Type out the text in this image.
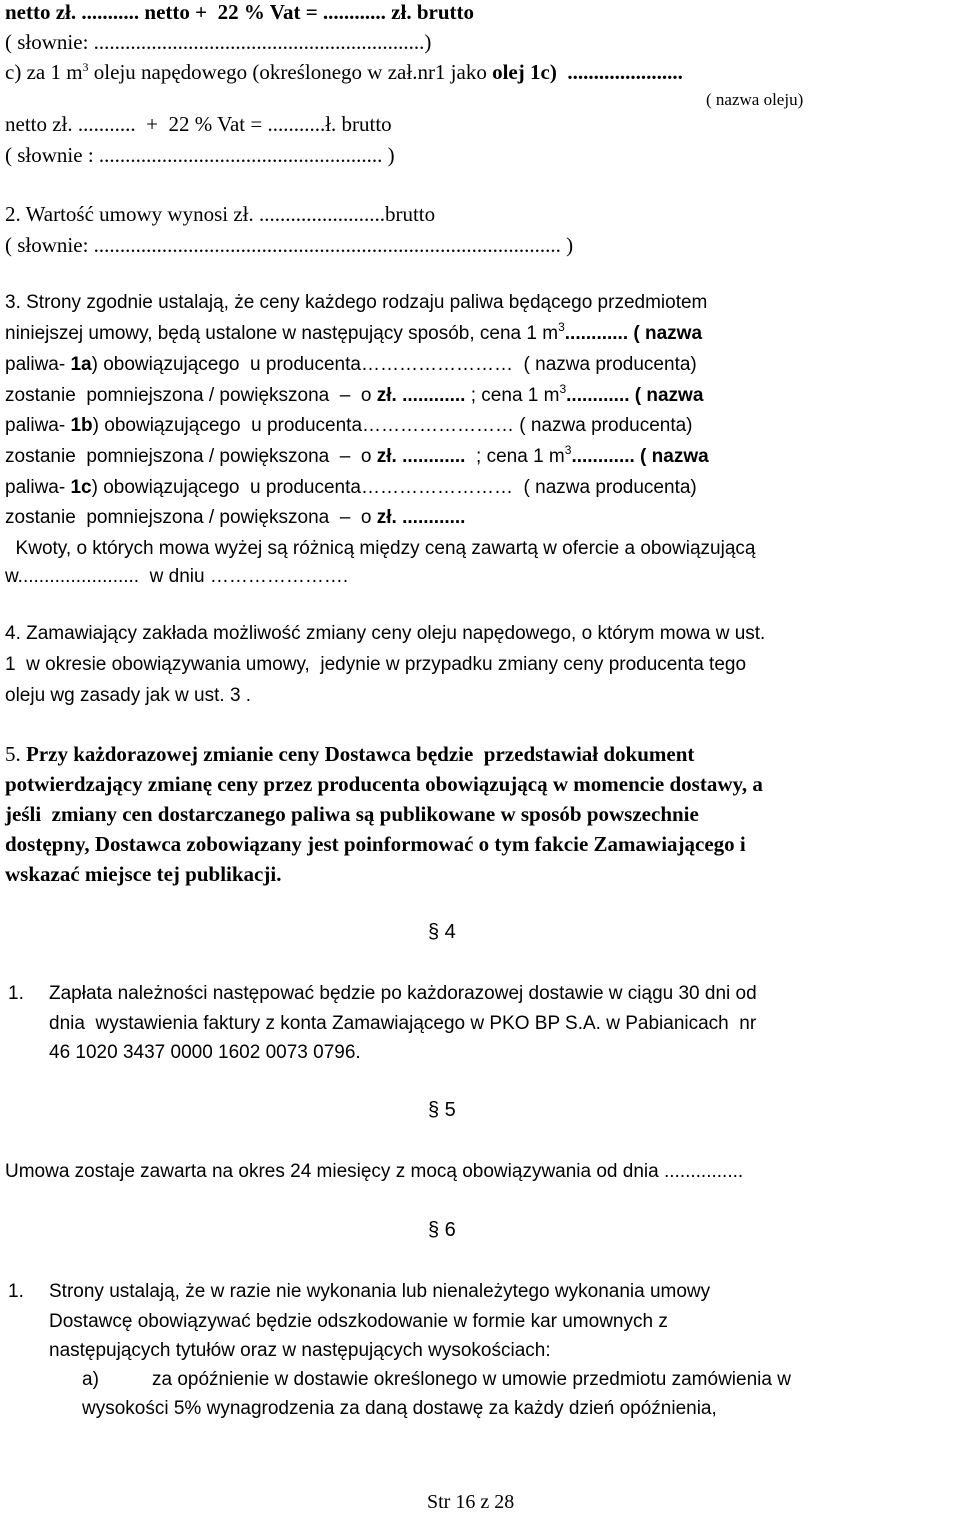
netto zł. ........... netto +  22 % Vat = ............ zł. brutto
( słownie: ...............................................................)
c) za 1 $m^3$ oleju napędowego (określonego w zał.nr1 jako olej 1c)  ......................
( nazwa oleju)
netto zł. ...........  +  22 % Vat = ...........ł. brutto
( słownie : ...................................................... )
2. Wartość umowy wynosi zł. ........................brutto
( słownie: ......................................................................................... )
3. Strony zgodnie ustalają, że ceny każdego rodzaju paliwa będącego przedmiotem
niniejszej umowy, będą ustalone w następujący sposób, cena 1 $m^3$............ ( nazwa
paliwa- 1a) obowiązującego  u producenta……………………  ( nazwa producenta)
zostanie  pomniejszona / powiększona  –  o zł. ............ ; cena 1 $m^3$............ ( nazwa
paliwa- 1b) obowiązującego  u producenta…………………… ( nazwa producenta)
zostanie  pomniejszona / powiększona  –  o zł. ............  ; cena 1 $m^3$............ ( nazwa
paliwa- 1c) obowiązującego  u producenta……………………  ( nazwa producenta)
zostanie  pomniejszona / powiększona  –  o zł. ............
Kwoty, o których mowa wyżej są różnicą między ceną zawartą w ofercie a obowiązującą
w.......................  w dniu ………………….
4. Zamawiający zakłada możliwość zmiany ceny oleju napędowego, o którym mowa w ust.
1  w okresie obowiązywania umowy,  jedynie w przypadku zmiany ceny producenta tego
oleju wg zasady jak w ust. 3 .
5. Przy każdorazowej zmianie ceny Dostawca będzie  przedstawiał dokument
potwierdzający zmianę ceny przez producenta obowiązującą w momencie dostawy, a
jeśli  zmiany cen dostarczanego paliwa są publikowane w sposób powszechnie
dostępny, Dostawca zobowiązany jest poinformować o tym fakcie Zamawiającego i
wskazać miejsce tej publikacji.
§ 4
1. Zapłata należności następować będzie po każdorazowej dostawie w ciągu 30 dni od
dnia  wystawienia faktury z konta Zamawiającego w PKO BP S.A. w Pabianicach  nr
46 1020 3437 0000 1602 0073 0796.
§ 5
Umowa zostaje zawarta na okres 24 miesięcy z mocą obowiązywania od dnia ...............
§ 6
1. Strony ustalają, że w razie nie wykonania lub nienależytego wykonania umowy
Dostawcę obowiązywać będzie odszkodowanie w formie kar umownych z
następujących tytułów oraz w następujących wysokościach:
a)	za opóźnienie w dostawie określonego w umowie przedmiotu zamówienia w
wysokości 5% wynagrodzenia za daną dostawę za każdy dzień opóźnienia,
Str 16 z 28
